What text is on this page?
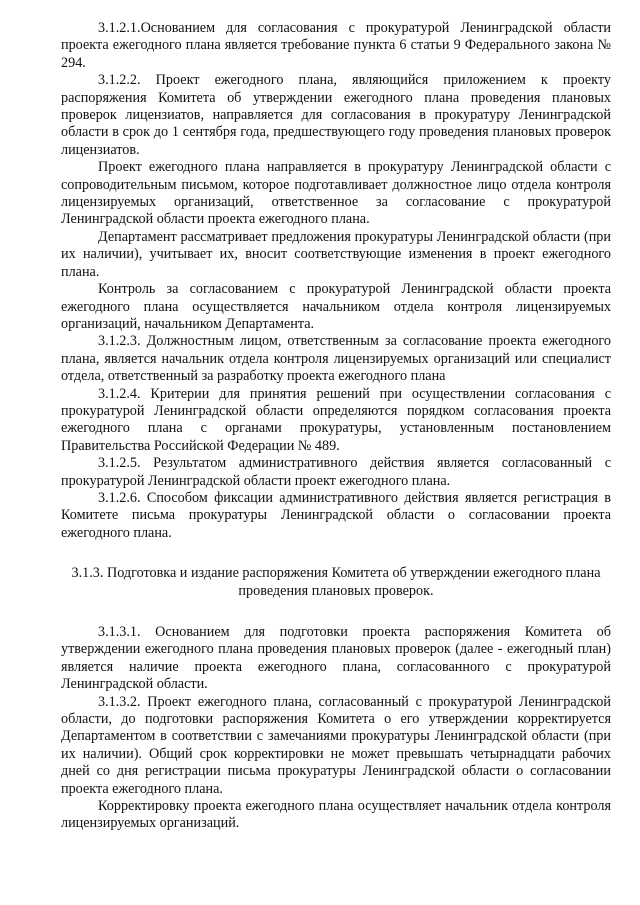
3.1.2.1.Основанием для согласования с прокуратурой Ленинградской области проекта ежегодного плана является требование пункта 6 статьи 9 Федерального закона № 294.

3.1.2.2. Проект ежегодного плана, являющийся приложением к проекту распоряжения Комитета об утверждении ежегодного плана проведения плановых проверок лицензиатов, направляется для согласования в прокуратуру Ленинградской области в срок до 1 сентября года, предшествующего году проведения плановых проверок лицензиатов.

Проект ежегодного плана направляется в прокуратуру Ленинградской области с сопроводительным письмом, которое подготавливает должностное лицо отдела контроля лицензируемых организаций, ответственное за согласование с прокуратурой Ленинградской области проекта ежегодного плана.

Департамент рассматривает предложения прокуратуры Ленинградской области (при их наличии), учитывает их, вносит соответствующие изменения в проект ежегодного плана.

Контроль за согласованием с прокуратурой Ленинградской области проекта ежегодного плана осуществляется начальником отдела контроля лицензируемых организаций, начальником Департамента.

3.1.2.3. Должностным лицом, ответственным за согласование проекта ежегодного плана, является начальник отдела контроля лицензируемых организаций или специалист отдела, ответственный за разработку проекта ежегодного плана

3.1.2.4. Критерии для принятия решений при осуществлении согласования с прокуратурой Ленинградской области определяются порядком согласования проекта ежегодного плана с органами прокуратуры, установленным постановлением Правительства Российской Федерации № 489.

3.1.2.5. Результатом административного действия является согласованный с прокуратурой Ленинградской области проект ежегодного плана.

3.1.2.6. Способом фиксации административного действия является регистрация в Комитете письма прокуратуры Ленинградской области о согласовании проекта ежегодного плана.

3.1.3. Подготовка и издание распоряжения Комитета об утверждении ежегодного плана проведения плановых проверок.

3.1.3.1. Основанием для подготовки проекта распоряжения Комитета об утверждении ежегодного плана проведения плановых проверок (далее - ежегодный план) является наличие проекта ежегодного плана, согласованного с прокуратурой Ленинградской области.

3.1.3.2. Проект ежегодного плана, согласованный с прокуратурой Ленинградской области, до подготовки распоряжения Комитета о его утверждении корректируется Департаментом в соответствии с замечаниями прокуратуры Ленинградской области (при их наличии). Общий срок корректировки не может превышать четырнадцати рабочих дней со дня регистрации письма прокуратуры Ленинградской области о согласовании проекта ежегодного плана.

Корректировку проекта ежегодного плана осуществляет начальник отдела контроля лицензируемых организаций.
